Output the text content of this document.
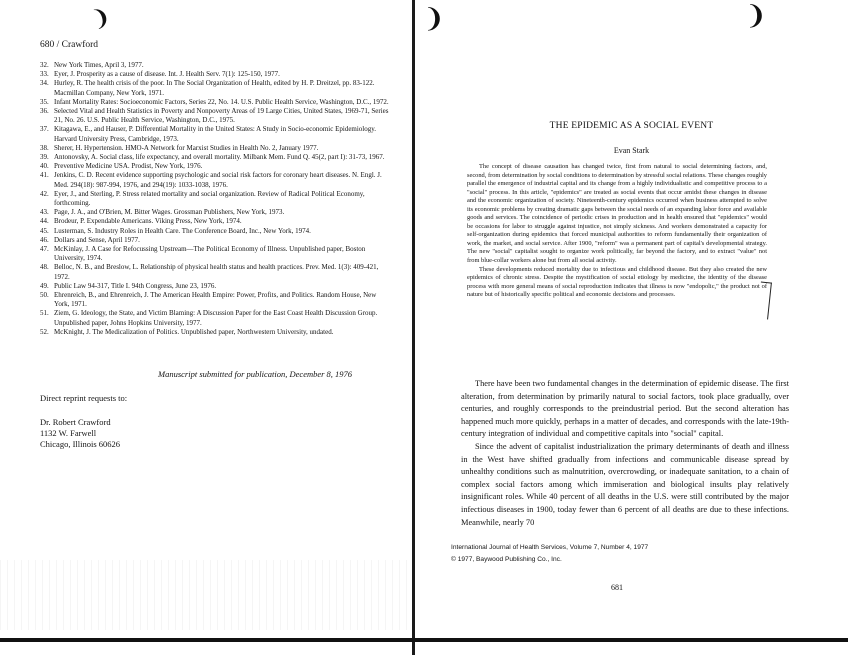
❩
680 / Crawford
32. New York Times, April 3, 1977.
33. Eyer, J. Prosperity as a cause of disease. Int. J. Health Serv. 7(1): 125-150, 1977.
34. Hurley, R. The health crisis of the poor. In The Social Organization of Health, edited by H. P. Dreitzel, pp. 83-122. Macmillan Company, New York, 1971.
35. Infant Mortality Rates: Socioeconomic Factors, Series 22, No. 14. U.S. Public Health Service, Washington, D.C., 1972.
36. Selected Vital and Health Statistics in Poverty and Nonpoverty Areas of 19 Large Cities, United States, 1969-71, Series 21, No. 26. U.S. Public Health Service, Washington, D.C., 1975.
37. Kitagawa, E., and Hauser, P. Differential Mortality in the United States: A Study in Socio-economic Epidemiology. Harvard University Press, Cambridge, 1973.
38. Sherer, H. Hypertension. HMO-A Network for Marxist Studies in Health No. 2, January 1977.
39. Antonovsky, A. Social class, life expectancy, and overall mortality. Milbank Mem. Fund Q. 45(2, part I): 31-73, 1967.
40. Preventive Medicine USA. Prodist, New York, 1976.
41. Jenkins, C. D. Recent evidence supporting psychologic and social risk factors for coronary heart diseases. N. Engl. J. Med. 294(18): 987-994, 1976, and 294(19): 1033-1038, 1976.
42. Eyer, J., and Sterling, P. Stress related mortality and social organization. Review of Radical Political Economy, forthcoming.
43. Page, J. A., and O'Brien, M. Bitter Wages. Grossman Publishers, New York, 1973.
44. Brodeur, P. Expendable Americans. Viking Press, New York, 1974.
45. Lusterman, S. Industry Roles in Health Care. The Conference Board, Inc., New York, 1974.
46. Dollars and Sense, April 1977.
47. McKinlay, J. A Case for Refocussing Upstream—The Political Economy of Illness. Unpublished paper, Boston University, 1974.
48. Belloc, N. B., and Breslow, L. Relationship of physical health status and health practices. Prev. Med. 1(3): 409-421, 1972.
49. Public Law 94-317, Title I. 94th Congress, June 23, 1976.
50. Ehrenreich, B., and Ehrenreich, J. The American Health Empire: Power, Profits, and Politics. Random House, New York, 1971.
51. Ziem, G. Ideology, the State, and Victim Blaming: A Discussion Paper for the East Coast Health Discussion Group. Unpublished paper, Johns Hopkins University, 1977.
52. McKnight, J. The Medicalization of Politics. Unpublished paper, Northwestern University, undated.
Manuscript submitted for publication, December 8, 1976
Direct reprint requests to:
Dr. Robert Crawford
1132 W. Farwell
Chicago, Illinois 60626
❩	❩
THE EPIDEMIC AS A SOCIAL EVENT
Evan Stark

The concept of disease causation has changed twice, first from natural to social determining factors, and, second, from determination by social conditions to determination by stressful social relations. These changes roughly parallel the emergence of industrial capital and its change from a highly individualistic and competitive process to a "social" process. In this article, "epidemics" are treated as social events that occur amidst these changes in disease and the economic organization of society. Nineteenth-century epidemics occurred when business attempted to solve its economic problems by creating dramatic gaps between the social needs of an expanding labor force and available goods and services. The coincidence of periodic crises in production and in health ensured that "epidemics" would be occasions for labor to struggle against injustice, not simply sickness. And workers demonstrated a capacity for self-organization during epidemics that forced municipal authorities to reform fundamentally their organization of work, the market, and social service. After 1900, "reform" was a permanent part of capital's developmental strategy. The new "social" capitalist sought to organize work politically, far beyond the factory, and to extract "value" not from blue-collar workers alone but from all social activity.

These developments reduced mortality due to infectious and childhood disease. But they also created the new epidemics of chronic stress. Despite the mystification of social etiology by medicine, the identity of the disease process with more general means of social reproduction indicates that illness is now "endopolic," the product not of nature but of historically specific political and economic decisions and processes.

There have been two fundamental changes in the determination of epidemic disease. The first alteration, from determination by primarily natural to social factors, took place gradually, over centuries, and roughly corresponds to the preindustrial period. But the second alteration has happened much more quickly, perhaps in a matter of decades, and corresponds with the late-19th-century integration of individual and competitive capitals into "social" capital.

Since the advent of capitalist industrialization the primary determinants of death and illness in the West have shifted gradually from infections and communicable disease spread by unhealthy conditions such as malnutrition, overcrowding, or inadequate sanitation, to a chain of complex social factors among which immiseration and biological insults play relatively insignificant roles. While 40 percent of all deaths in the U.S. were still contributed by the major infectious diseases in 1900, today fewer than 6 percent of all deaths are due to these infections. Meanwhile, nearly 70

International Journal of Health Services, Volume 7, Number 4, 1977
© 1977, Baywood Publishing Co., Inc.
681
